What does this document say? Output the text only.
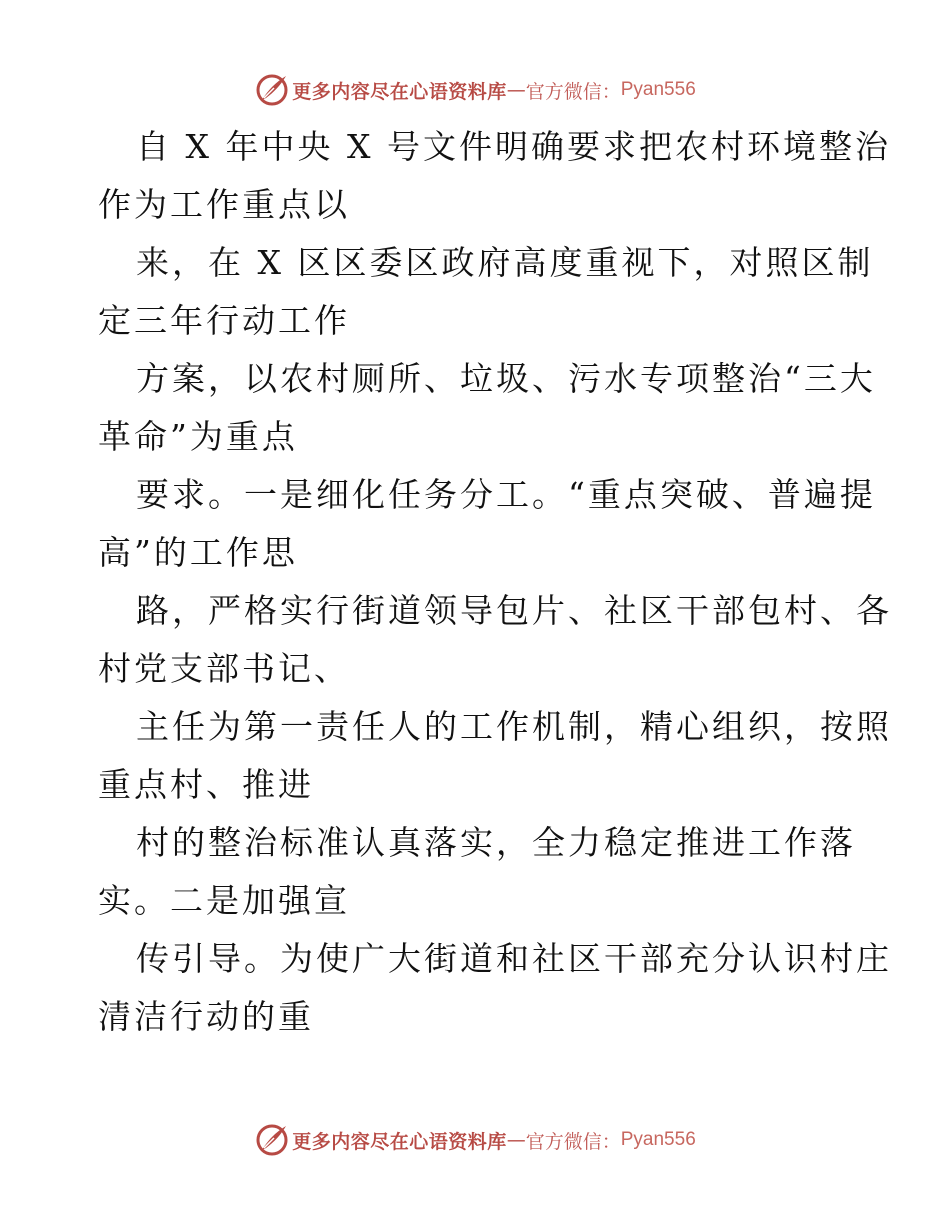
更多内容尽在心语资料库 — 官方微信： Pyan556
自 X 年中央 X 号文件明确要求把农村环境整治
作为工作重点以
来，在 X 区区委区政府高度重视下，对照区制
定三年行动工作
方案，以农村厕所、垃圾、污水专项整治“三大
革命”为重点
要求。一是细化任务分工。“重点突破、普遍提
高”的工作思
路，严格实行街道领导包片、社区干部包村、各
村党支部书记、
主任为第一责任人的工作机制，精心组织，按照
重点村、推进
村的整治标准认真落实，全力稳定推进工作落
实。二是加强宣
传引导。为使广大街道和社区干部充分认识村庄
清洁行动的重
更多内容尽在心语资料库 — 官方微信： Pyan556
